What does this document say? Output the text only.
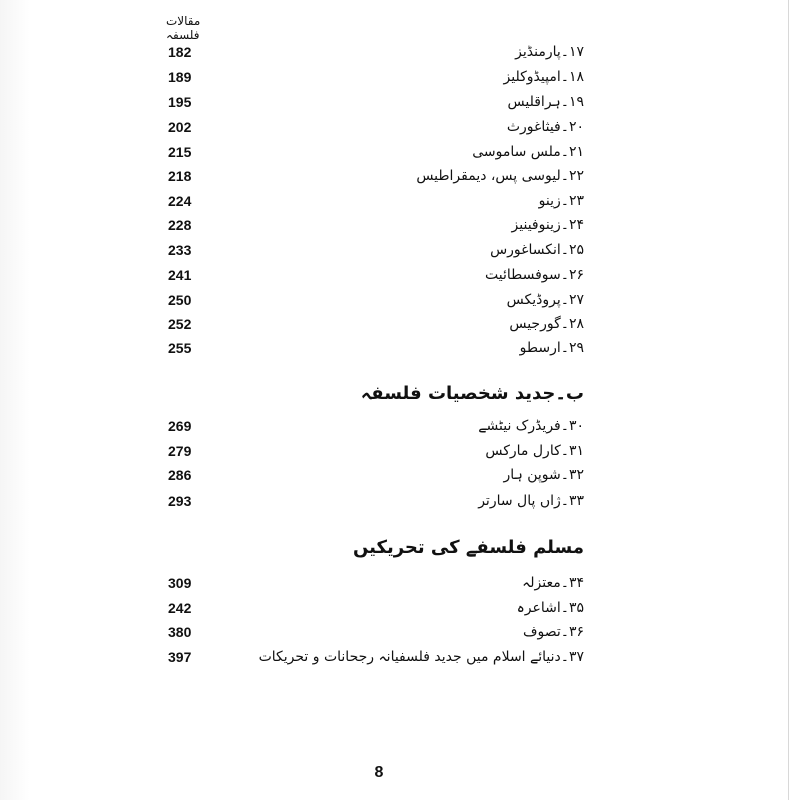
مقالات فلسفہ
182	۱۷۔پارمنڈیز
189	۱۸۔امپیڈوکلیز
195	۱۹۔ہراقلیس
202	۲۰۔فیثاغورث
215	۲۱۔ملس ساموسی
218	۲۲۔لیوسی پس، دیمقراطیس
224	۲۳۔زینو
228	۲۴۔زینوفینیز
233	۲۵۔انکساغورس
241	۲۶۔سوفسطائیت
250	۲۷۔پروڈیکس
252	۲۸۔گورجیس
255	۲۹۔ارسطو
ب۔جدید شخصیات فلسفہ
269	۳۰۔فریڈرک نیٹشے
279	۳۱۔کارل مارکس
286	۳۲۔شوپن ہار
293	۳۳۔ژاں پال سارتر
مسلم فلسفے کی تحریکیں
309	۳۴۔معتزلہ
242	۳۵۔اشاعرہ
380	۳۶۔تصوف
397	۳۷۔دنیائے اسلام میں جدید فلسفیانہ رجحانات و تحریکات
8
